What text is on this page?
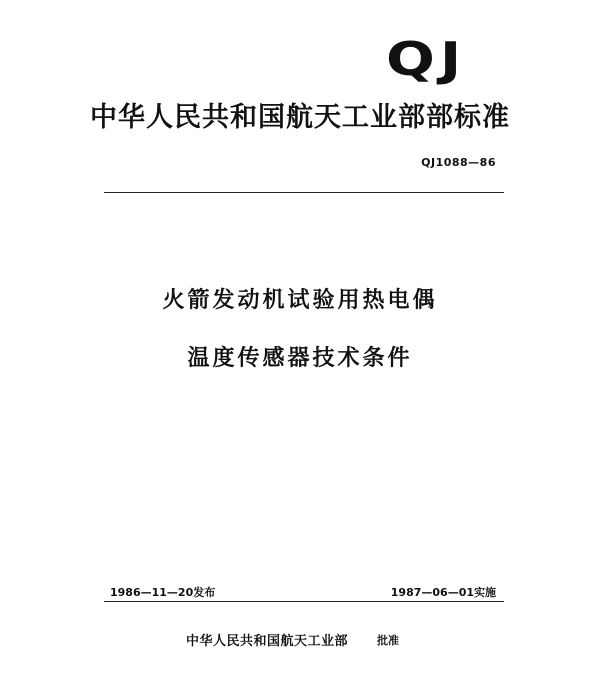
QJ
中华人民共和国航天工业部部标准
QJ1088—86
火箭发动机试验用热电偶
温度传感器技术条件
1986—11—20发布	1987—06—01实施
中华人民共和国航天工业部	批准
